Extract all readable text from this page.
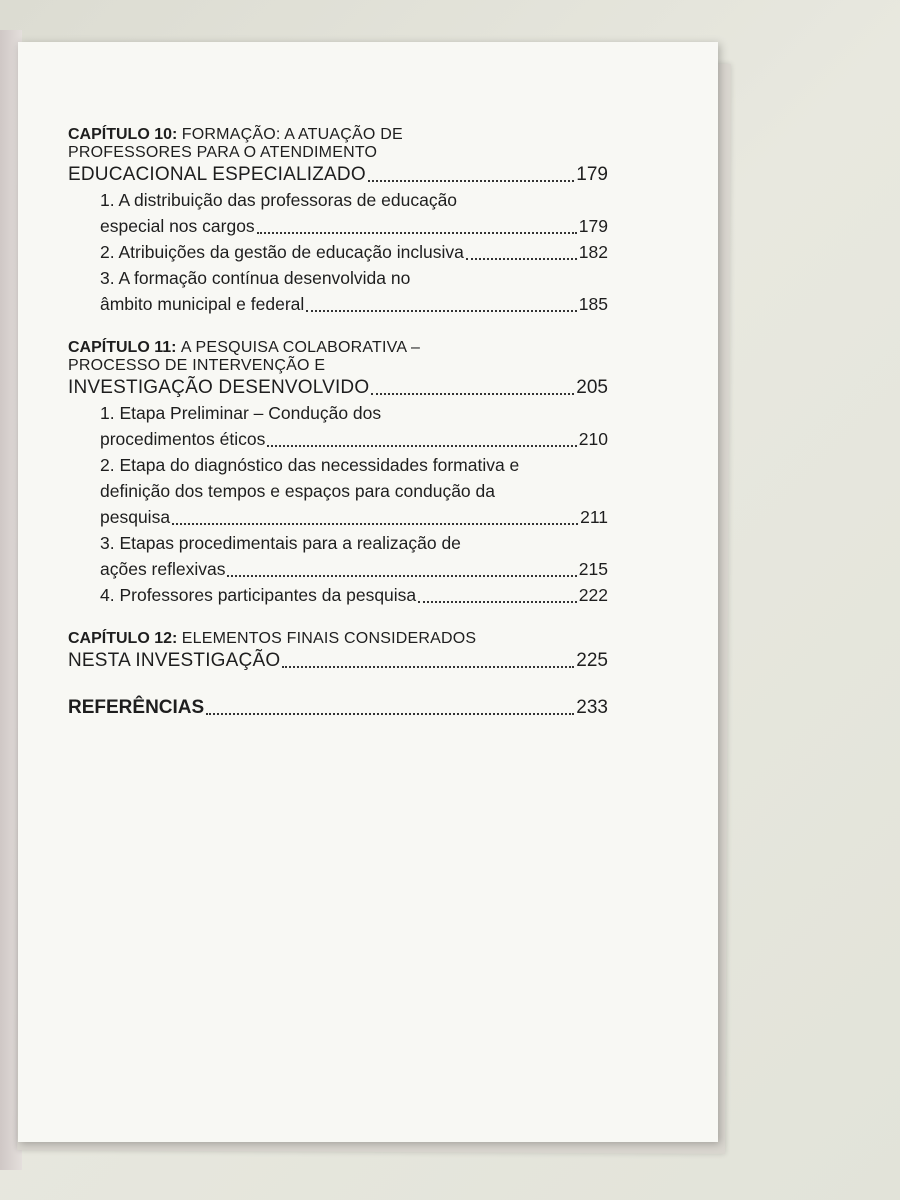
CAPÍTULO 10: FORMAÇÃO: A ATUAÇÃO DE
PROFESSORES PARA O ATENDIMENTO
EDUCACIONAL ESPECIALIZADO	179
1. A distribuição das professoras de educação
especial nos cargos	179
2. Atribuições da gestão de educação inclusiva	182
3. A formação contínua desenvolvida no
âmbito municipal e federal	185
CAPÍTULO 11: A PESQUISA COLABORATIVA –
PROCESSO DE INTERVENÇÃO E
INVESTIGAÇÃO DESENVOLVIDO	205
1. Etapa Preliminar – Condução dos
procedimentos éticos	210
2. Etapa do diagnóstico das necessidades formativa e
definição dos tempos e espaços para condução da
pesquisa	211
3. Etapas procedimentais para a realização de
ações reflexivas	215
4. Professores participantes da pesquisa	222
CAPÍTULO 12: ELEMENTOS FINAIS CONSIDERADOS
NESTA INVESTIGAÇÃO	225
REFERÊNCIAS	233
